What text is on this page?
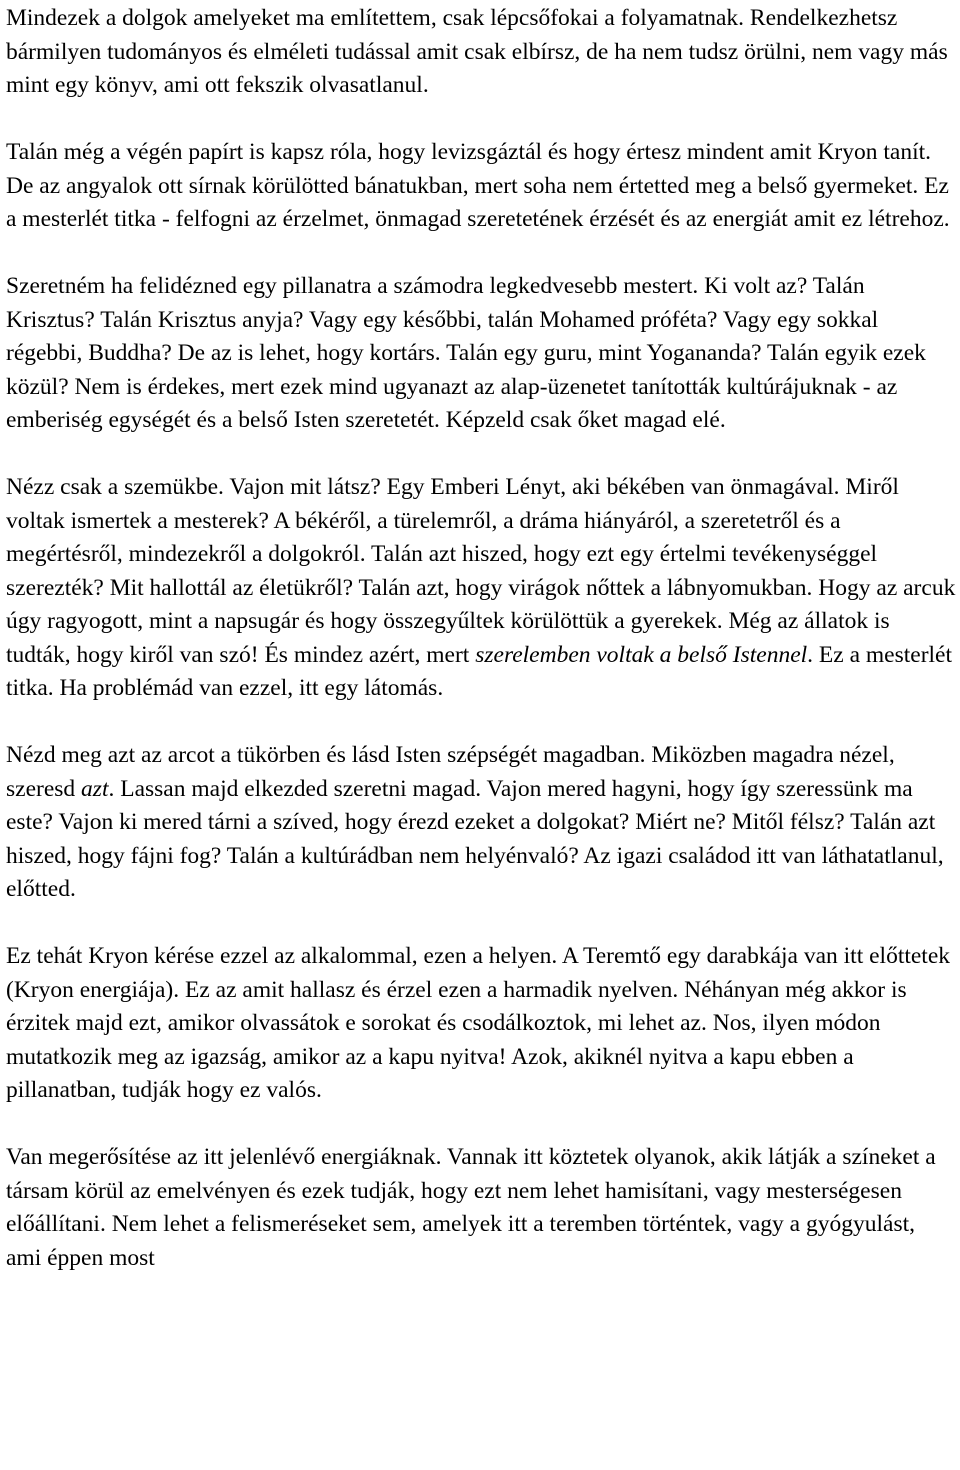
Mindezek a dolgok amelyeket ma említettem, csak lépcsőfokai a folyamatnak. Rendelkezhetsz bármilyen tudományos és elméleti tudással amit csak elbírsz, de ha nem tudsz örülni, nem vagy más mint egy könyv, ami ott fekszik olvasatlanul.

Talán még a végén papírt is kapsz róla, hogy levizsgáztál és hogy értesz mindent amit Kryon tanít. De az angyalok ott sírnak körülötted bánatukban, mert soha nem értetted meg a belső gyermeket. Ez a mesterlét titka - felfogni az érzelmet, önmagad szeretetének érzését és az energiát amit ez létrehoz.

Szeretném ha felidézned egy pillanatra a számodra legkedvesebb mestert. Ki volt az? Talán Krisztus? Talán Krisztus anyja? Vagy egy későbbi, talán Mohamed próféta? Vagy egy sokkal régebbi, Buddha? De az is lehet, hogy kortárs. Talán egy guru, mint Yogananda? Talán egyik ezek közül? Nem is érdekes, mert ezek mind ugyanazt az alap-üzenetet tanították kultúrájuknak - az emberiség egységét és a belső Isten szeretetét. Képzeld csak őket magad elé.

Nézz csak a szemükbe. Vajon mit látsz? Egy Emberi Lényt, aki békében van önmagával. Miről voltak ismertek a mesterek? A békéről, a türelemről, a dráma hiányáról, a szeretetről és a megértésről, mindezekről a dolgokról. Talán azt hiszed, hogy ezt egy értelmi tevékenységgel szerezték? Mit hallottál az életükről? Talán azt, hogy virágok nőttek a lábnyomukban. Hogy az arcuk úgy ragyogott, mint a napsugár és hogy összegyűltek körülöttük a gyerekek. Még az állatok is tudták, hogy kiről van szó! És mindez azért, mert szerelemben voltak a belső Istennel. Ez a mesterlét titka. Ha problémád van ezzel, itt egy látomás.

Nézd meg azt az arcot a tükörben és lásd Isten szépségét magadban. Miközben magadra nézel, szeresd azt. Lassan majd elkezded szeretni magad. Vajon mered hagyni, hogy így szeressünk ma este? Vajon ki mered tárni a szíved, hogy érezd ezeket a dolgokat? Miért ne? Mitől félsz? Talán azt hiszed, hogy fájni fog? Talán a kultúrádban nem helyénvaló? Az igazi családod itt van láthatatlanul, előtted.

Ez tehát Kryon kérése ezzel az alkalommal, ezen a helyen. A Teremtő egy darabkája van itt előttetek (Kryon energiája). Ez az amit hallasz és érzel ezen a harmadik nyelven. Néhányan még akkor is érzitek majd ezt, amikor olvassátok e sorokat és csodálkoztok, mi lehet az. Nos, ilyen módon mutatkozik meg az igazság, amikor az a kapu nyitva! Azok, akiknél nyitva a kapu ebben a pillanatban, tudják hogy ez valós.

Van megerősítése az itt jelenlévő energiáknak. Vannak itt köztetek olyanok, akik látják a színeket a társam körül az emelvényen és ezek tudják, hogy ezt nem lehet hamisítani, vagy mesterségesen előállítani. Nem lehet a felismeréseket sem, amelyek itt a teremben történtek, vagy a gyógyulást, ami éppen most
